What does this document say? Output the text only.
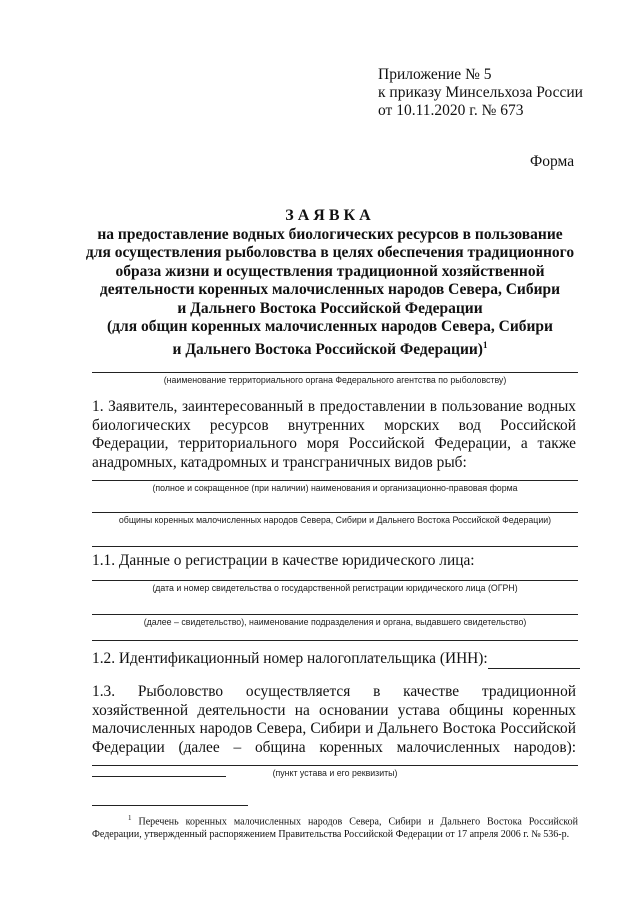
Приложение № 5
к приказу Минсельхоза России
от 10.11.2020 г. № 673
Форма
ЗАЯВКА
на предоставление водных биологических ресурсов в пользование
для осуществления рыболовства в целях обеспечения традиционного
образа жизни и осуществления традиционной хозяйственной
деятельности коренных малочисленных народов Севера, Сибири
и Дальнего Востока Российской Федерации
(для общин коренных малочисленных народов Севера, Сибири
и Дальнего Востока Российской Федерации)$^1$
(наименование территориального органа Федерального агентства по рыболовству)
1. Заявитель, заинтересованный в предоставлении в пользование водных биологических ресурсов внутренних морских вод Российской Федерации, территориального моря Российской Федерации, а также анадромных, катадромных и трансграничных видов рыб:
(полное и сокращенное (при наличии) наименования и организационно-правовая форма
общины коренных малочисленных народов Севера, Сибири и Дальнего Востока Российской Федерации)
1.1. Данные о регистрации в качестве юридического лица:
(дата и номер свидетельства о государственной регистрации юридического лица (ОГРН)
(далее – свидетельство), наименование подразделения и органа, выдавшего свидетельство)
1.2. Идентификационный номер налогоплательщика (ИНН):
1.3. Рыболовство осуществляется в качестве традиционной хозяйственной деятельности на основании устава общины коренных малочисленных народов Севера, Сибири и Дальнего Востока Российской Федерации (далее – община коренных малочисленных народов):
(пункт устава и его реквизиты)
$^1$ Перечень коренных малочисленных народов Севера, Сибири и Дальнего Востока Российской Федерации, утвержденный распоряжением Правительства Российской Федерации от 17 апреля 2006 г. № 536-р.
